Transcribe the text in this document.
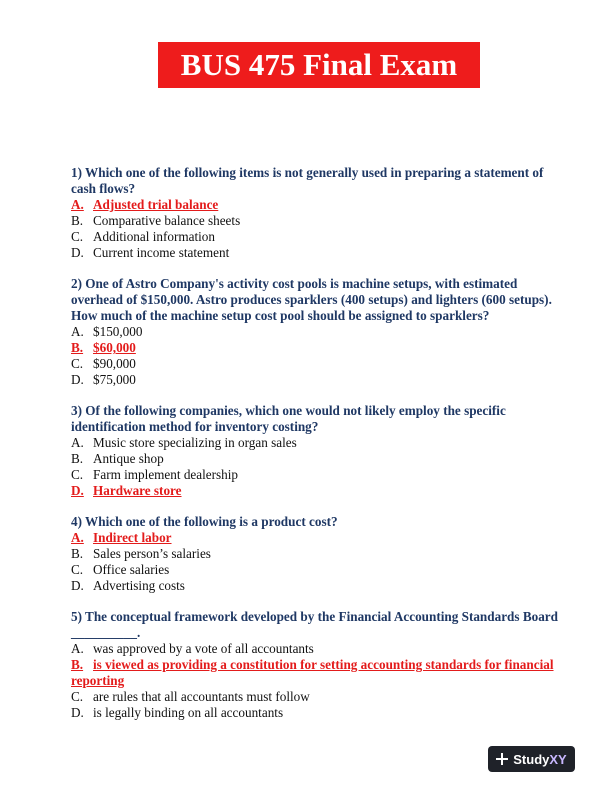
BUS 475 Final Exam
1) Which one of the following items is not generally used in preparing a statement of cash flows?
A. Adjusted trial balance
B. Comparative balance sheets
C. Additional information
D. Current income statement
2) One of Astro Company's activity cost pools is machine setups, with estimated overhead of $150,000. Astro produces sparklers (400 setups) and lighters (600 setups). How much of the machine setup cost pool should be assigned to sparklers?
A. $150,000
B. $60,000
C. $90,000
D. $75,000
3) Of the following companies, which one would not likely employ the specific identification method for inventory costing?
A. Music store specializing in organ sales
B. Antique shop
C. Farm implement dealership
D. Hardware store
4) Which one of the following is a product cost?
A. Indirect labor
B. Sales person’s salaries
C. Office salaries
D. Advertising costs
5) The conceptual framework developed by the Financial Accounting Standards Board __________.
A. was approved by a vote of all accountants
B. is viewed as providing a constitution for setting accounting standards for financial reporting
C. are rules that all accountants must follow
D. is legally binding on all accountants
StudyXY
